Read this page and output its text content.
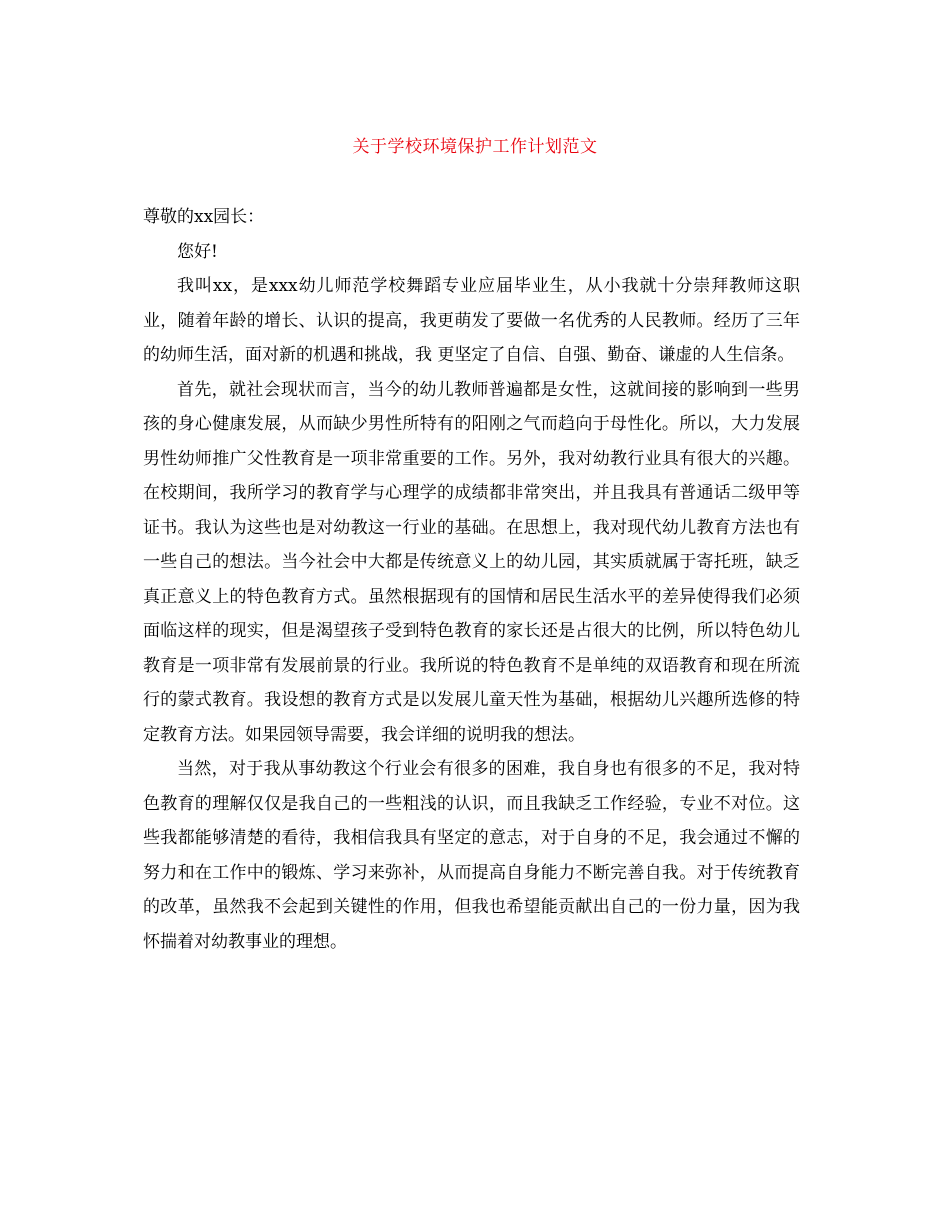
关于学校环境保护工作计划范文

尊敬的xx园长：

您好!

我叫xx，是xxx幼儿师范学校舞蹈专业应届毕业生，从小我就十分崇拜教师这职业，随着年龄的增长、认识的提高，我更萌发了要做一名优秀的人民教师。经历了三年的幼师生活，面对新的机遇和挑战，我 更坚定了自信、自强、勤奋、谦虚的人生信条。

首先，就社会现状而言，当今的幼儿教师普遍都是女性，这就间接的影响到一些男孩的身心健康发展，从而缺少男性所特有的阳刚之气而趋向于母性化。所以，大力发展男性幼师推广父性教育是一项非常重要的工作。另外，我对幼教行业具有很大的兴趣。在校期间，我所学习的教育学与心理学的成绩都非常突出，并且我具有普通话二级甲等证书。我认为这些也是对幼教这一行业的基础。在思想上，我对现代幼儿教育方法也有一些自己的想法。当今社会中大都是传统意义上的幼儿园，其实质就属于寄托班，缺乏真正意义上的特色教育方式。虽然根据现有的国情和居民生活水平的差异使得我们必须面临这样的现实，但是渴望孩子受到特色教育的家长还是占很大的比例，所以特色幼儿教育是一项非常有发展前景的行业。我所说的特色教育不是单纯的双语教育和现在所流行的蒙式教育。我设想的教育方式是以发展儿童天性为基础，根据幼儿兴趣所选修的特定教育方法。如果园领导需要，我会详细的说明我的想法。

当然，对于我从事幼教这个行业会有很多的困难，我自身也有很多的不足，我对特色教育的理解仅仅是我自己的一些粗浅的认识，而且我缺乏工作经验，专业不对位。这些我都能够清楚的看待，我相信我具有坚定的意志，对于自身的不足，我会通过不懈的努力和在工作中的锻炼、学习来弥补，从而提高自身能力不断完善自我。对于传统教育的改革，虽然我不会起到关键性的作用，但我也希望能贡献出自己的一份力量，因为我怀揣着对幼教事业的理想。
